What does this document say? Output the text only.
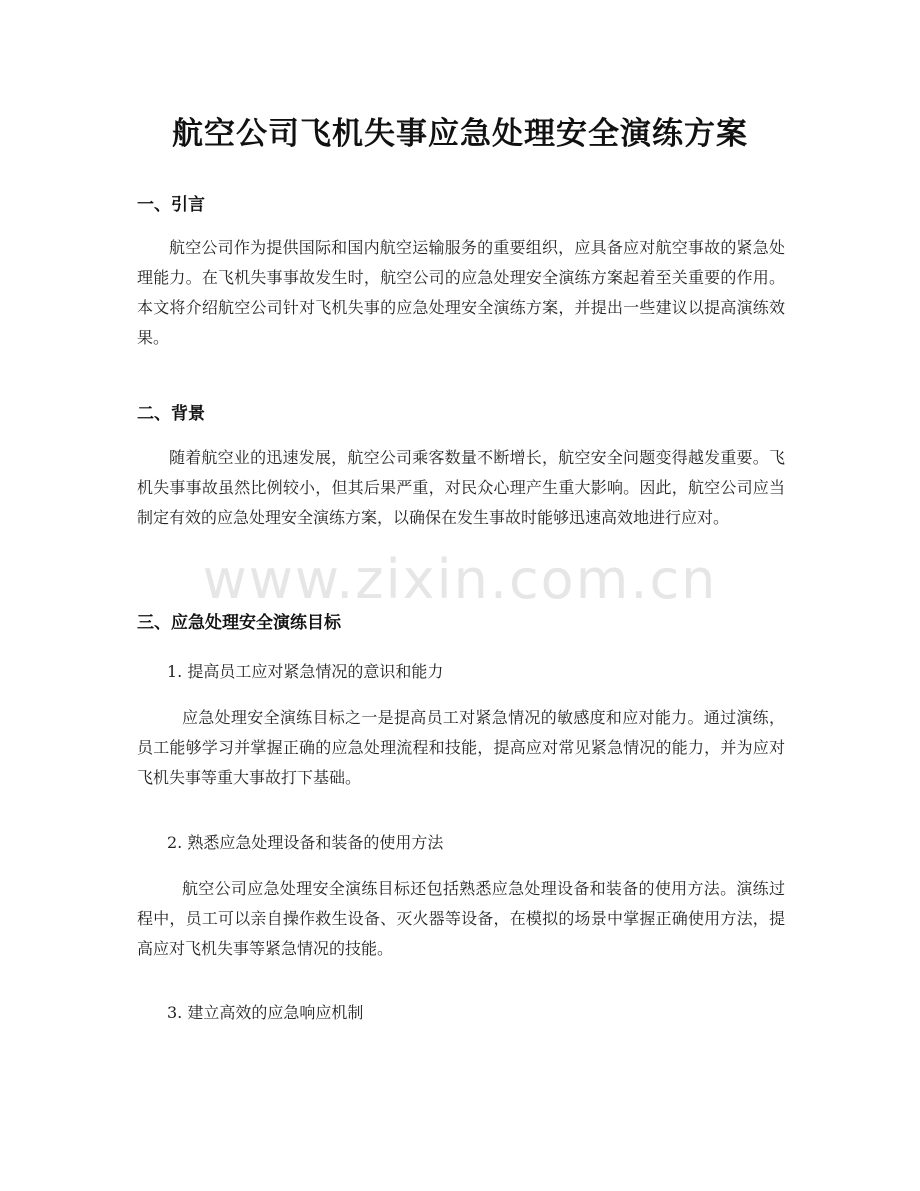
航空公司飞机失事应急处理安全演练方案
一、引言
航空公司作为提供国际和国内航空运输服务的重要组织，应具备应对航空事故的紧急处理能力。在飞机失事事故发生时，航空公司的应急处理安全演练方案起着至关重要的作用。本文将介绍航空公司针对飞机失事的应急处理安全演练方案，并提出一些建议以提高演练效果。
二、背景
随着航空业的迅速发展，航空公司乘客数量不断增长，航空安全问题变得越发重要。飞机失事事故虽然比例较小，但其后果严重，对民众心理产生重大影响。因此，航空公司应当制定有效的应急处理安全演练方案，以确保在发生事故时能够迅速高效地进行应对。
三、应急处理安全演练目标
1. 提高员工应对紧急情况的意识和能力
应急处理安全演练目标之一是提高员工对紧急情况的敏感度和应对能力。通过演练，员工能够学习并掌握正确的应急处理流程和技能，提高应对常见紧急情况的能力，并为应对飞机失事等重大事故打下基础。
2. 熟悉应急处理设备和装备的使用方法
航空公司应急处理安全演练目标还包括熟悉应急处理设备和装备的使用方法。演练过程中，员工可以亲自操作救生设备、灭火器等设备，在模拟的场景中掌握正确使用方法，提高应对飞机失事等紧急情况的技能。
3. 建立高效的应急响应机制
www.zixin.com.cn
